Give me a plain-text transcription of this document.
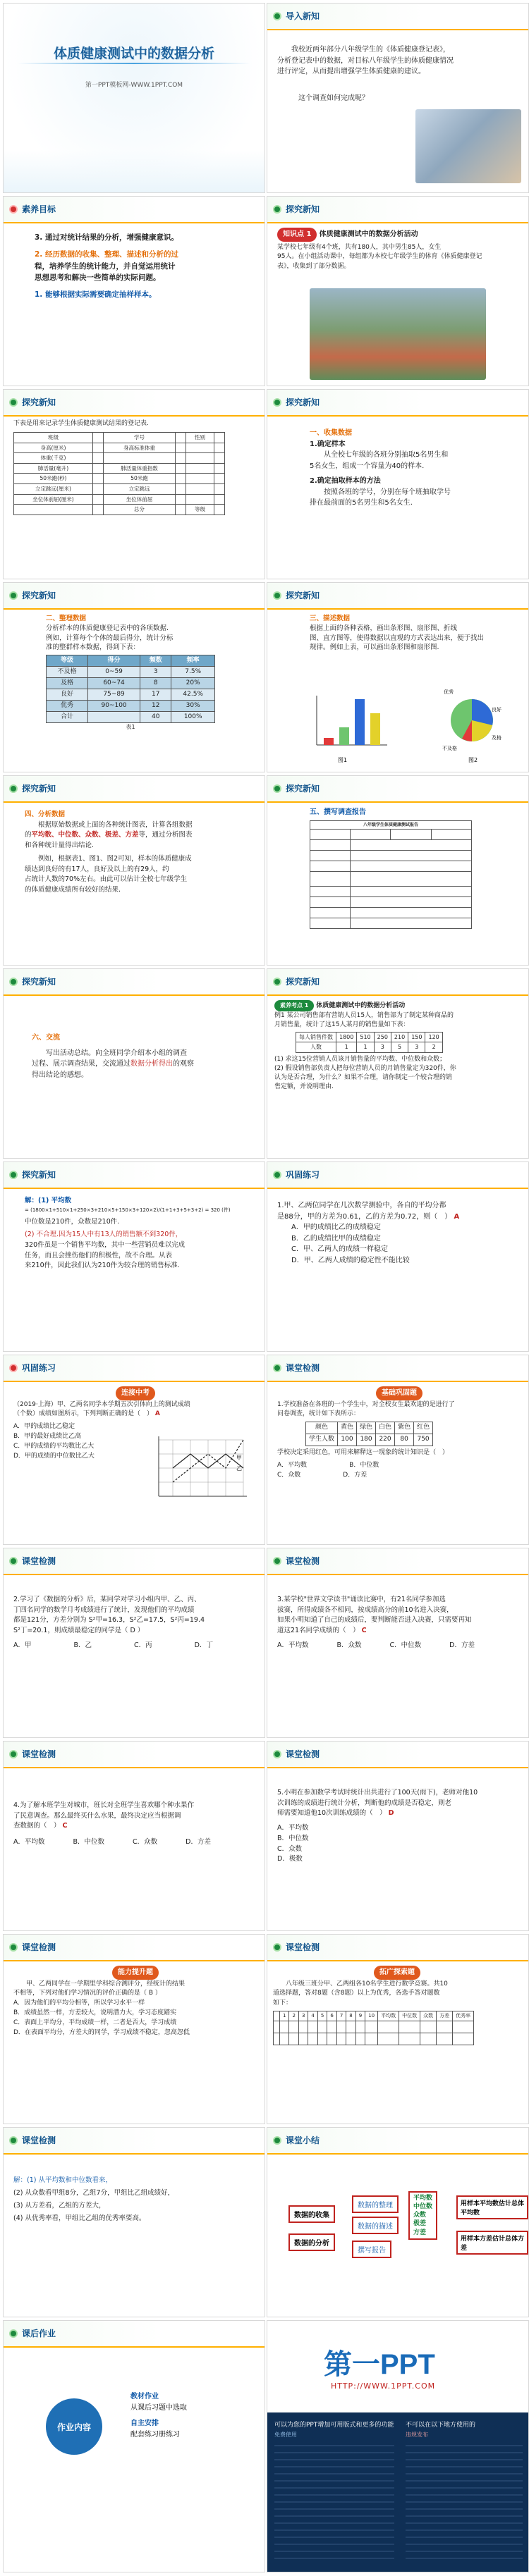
体质健康测试中的数据分析
第一PPT模板网-WWW.1PPT.COM
导入新知
我校近两年部分八年级学生的《体质健康登记表》，
分析登记表中的数据，对目标八年级学生的体质健康情况
进行评定，从而提出增强学生体质健康的建议。
这个调查如何完成呢？
素养目标
3. 通过对统计结果的分析，增强健康意识。
2. 经历数据的收集、整理、描述和分析的过
程，培养学生的统计能力，并自觉运用统计
思想思考和解决一些简单的实际问题。
1. 能够根据实际需要确定抽样样本。
探究新知
知识点 1 体质健康测试中的数据分析活动
某学校七年级有4个班，共有180人，其中男生85人，女生
95人。在小组活动课中，每组都为本校七年级学生的体育《体质健康登记
表》，收集到了部分数据。
探究新知
下表是用来记录学生体质健康测试结果的登记表.
班级		学号		性别	
身高(厘米)		身高标准体重			
体重(千克)					
肺活量(毫升)		肺活量体重指数			
50米跑(秒)		50米跑			
立定跳远(厘米)		立定跳远			
坐位体前屈(厘米)		坐位体前屈			
		总分		等级	
探究新知
一、收集数据
1.确定样本
从全校七年级的各班分别抽取5名男生和
5名女生，组成一个容量为40的样本.
2.确定抽取样本的方法
按照各班的学号，分别在每个班抽取学号
排在最前面的5名男生和5名女生.
探究新知
二、整理数据
分析样本的体质健康登记表中的各项数据.
例如，计算每个个体的最后得分，统计分标
准的整群样本数据，得到下表：
等级	得分	频数	频率
不及格	0~59	3	7.5%
及格	60~74	8	20%
良好	75~89	17	42.5%
优秀	90~100	12	30%
合计		40	100%
表1
探究新知
三、描述数据
根据上面的各种表格，画出条形图、扇形图、折线
图、直方图等，使得数据以直观的方式表达出来，便于找出
规律。例如上表，可以画出条形图和扇形图.
图1
优秀
良好
及格
不及格
图2
探究新知
四、分析数据
根据原始数据或上面的各种统计图表，计算各组数据
的平均数、中位数、众数、极差、方差等，通过分析图表
和各种统计量得出结论.
例如，根据表1、图1、图2可知，样本的体质健康成
绩达到良好的有17人，良好及以上的有29人，约
占统计人数的70%左右。由此可以估计全校七年级学生
的体质健康成绩所有较好的结果.
探究新知
五、撰写调查报告
八年级学生体质健康测试报告			

探究新知
六、交流
写出活动总结。向全班同学介绍本小组的调查
过程、展示调查结果，交流通过数据分析得出的观察
得出结论的感想。
探究新知
素养考点 1 体质健康测试中的数据分析活动
例1 某公司销售部有营销人员15人，销售部为了制定某种商品的
月销售量，统计了这15人某月的销售量如下表：
每人销售件数	1800	510	250	210	150	120
人数	1	1	3	5	3	2
(1) 求这15位营销人员该月销售量的平均数、中位数和众数；
(2) 假设销售部负责人把每位营销人员的月销售量定为320件，你
认为是否合理，为什么？如果不合理，请你制定一个较合理的销
售定额，并说明理由.
探究新知
解：(1) 平均数
= (1800×1+510×1+250×3+210×5+150×3+120×2)/(1+1+3+5+3+2) = 320 (件)
中位数是210件，众数是210件.
(2) 不合理.因为15人中有13人的销售额不到320件，
320件虽是一个销售平均数，其中一些营销员难以完成
任务，而且会挫伤他们的积极性，故不合理。从表
来210件，因此我们认为210件为较合理的销售标准.
巩固练习
1.甲、乙两位同学在几次数学测验中，各自的平均分都
是88分，甲的方差为0.61，乙的方差为0.72，则（　） A
A．甲的成绩比乙的成绩稳定
B．乙的成绩比甲的成绩稳定
C．甲、乙两人的成绩一样稳定
D．甲、乙两人成绩的稳定性不能比较
巩固练习
连接中考
（2019·上海）甲、乙两名同学本学期五次引体向上的测试成绩
（个数）成绩如图所示，下列判断正确的是（　） A
A．甲的成绩比乙稳定
B．甲的最好成绩比乙高
C．甲的成绩的平均数比乙大
D．甲的成绩的中位数比乙大	甲
乙
课堂检测
基础巩固题
1.学校准备在各班的一个学生中，对全校女生最欢迎的是进行了
问卷调查，统计如下表所示：
颜色	黄色	绿色	白色	紫色	红色
学生人数	100	180	220	80	750
学校决定采用红色，可用来解释这一现象的统计知识是（　）
A．平均数	B．中位数
C．众数	D．方差
课堂检测
2.学习了《数据的分析》后，某同学对学习小组内甲、乙、丙、
丁四名同学的数学月考成绩进行了统计，发现他们的平均成绩
都是121分，方差分别为 S²甲=16.3，S²乙=17.5，S²丙=19.4
S²丁=20.1，则成绩最稳定的同学是（ D ）
A．甲	B．乙	C．丙	D．丁
课堂检测
3.某学校"世界文学读书"诵读比赛中，有21名同学参加选
拔赛，所得成绩各不相同，按成绩高分的前10名进入决赛，
如果小明知道了自己的成绩后，要判断能否进入决赛，只需要再知
道这21名同学成绩的（　） C
A．平均数	B．众数	C．中位数	D．方差
课堂检测
4.为了解本班学生对城市，班长对全班学生喜欢哪个种水果作
了民意调查。那么最终买什么水果，最终决定应当根据调
查数据的（　） C
A．平均数	B．中位数	C．众数	D．方差
课堂检测
5.小明在参加数学考试时统计出共进行了100天(雨下)，老师对他10
次训练的成绩进行统计分析，判断他的成绩是否稳定，则老
师需要知道他10次训练成绩的（　） D
A．平均数
B．中位数
C．众数
D．极数
课堂检测
能力提升题
甲、乙两同学在一学期里学科综合测评分，经统计的结果
不相等，下列对他们学习情况的评价正确的是（ B ）
A．因为他们的平均分相等，所以学习水平一样
B．成绩虽然一样，方差较大，说明潜力大，学习态度踏实
C．表面上平均分，平均成绩一样，二者是否大，学习成绩
D．在表面平均分，方差大的同学，学习成绩不稳定，忽高忽低
课堂检测
拓广探索题
八年级三班分甲、乙两组各10名学生进行数学竞赛。共10
道选择题，答对8题（含8题）以上为优秀，各选手答对题数
如下：
	1	2	3	4	5	6	7	8	9	10	平均数	中位数	众数	方差	优秀率

课堂检测
解：(1) 从平均数和中位数看来，
(2) 从众数看甲组8分，乙组7分，甲组比乙组成绩好，
(3) 从方差看，乙组的方差大，
(4) 从优秀率看，甲组比乙组的优秀率要高。
课堂小结
数据的收集
数据的分析
数据的整理
数据的描述
撰写报告
平均数
中位数
众数
极差
方差
用样本平均数估计总体平均数
用样本方差估计总体方差
课后作业
作业内容
教材作业
从课后习题中选取
自主安排
配套练习册练习
第一PPT
HTTP://WWW.1PPT.COM
可以为您的PPT增加可用版式和更多的功能 不可以在以下地方使用的
免费使用	违规发布
